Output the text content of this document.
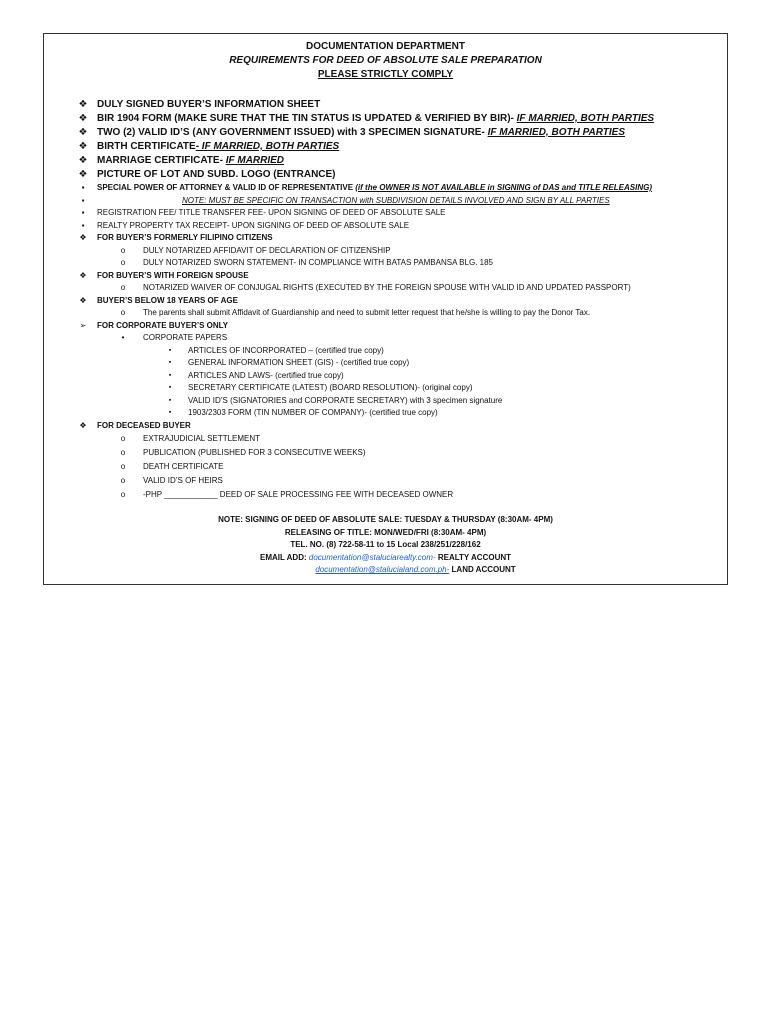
DOCUMENTATION DEPARTMENT
REQUIREMENTS FOR DEED OF ABSOLUTE SALE PREPARATION
PLEASE STRICTLY COMPLY
❖ DULY SIGNED BUYER’S INFORMATION SHEET
❖ BIR 1904 FORM (MAKE SURE THAT THE TIN STATUS IS UPDATED & VERIFIED BY BIR)- IF MARRIED, BOTH PARTIES
❖ TWO (2) VALID ID’S (ANY GOVERNMENT ISSUED) with 3 SPECIMEN SIGNATURE- IF MARRIED, BOTH PARTIES
❖ BIRTH CERTIFICATE- IF MARRIED, BOTH PARTIES
❖ MARRIAGE CERTIFICATE- IF MARRIED
❖ PICTURE OF LOT AND SUBD. LOGO (ENTRANCE)
▪	SPECIAL POWER OF ATTORNEY & VALID ID OF REPRESENTATIVE (if the OWNER IS NOT AVAILABLE in SIGNING of DAS and TITLE RELEASING)
▪	NOTE: MUST BE SPECIFIC ON TRANSACTION with SUBDIVISION DETAILS INVOLVED AND SIGN BY ALL PARTIES
▪	REGISTRATION FEE/ TITLE TRANSFER FEE- UPON SIGNING OF DEED OF ABSOLUTE SALE
▪	REALTY PROPERTY TAX RECEIPT- UPON SIGNING OF DEED OF ABSOLUTE SALE
❖	FOR BUYER’S FORMERLY FILIPINO CITIZENS
o	DULY NOTARIZED AFFIDAVIT OF DECLARATION OF CITIZENSHIP
o	DULY NOTARIZED SWORN STATEMENT- IN COMPLIANCE WITH BATAS PAMBANSA BLG. 185
❖	FOR BUYER’S WITH FOREIGN SPOUSE
o	NOTARIZED WAIVER OF CONJUGAL RIGHTS (EXECUTED BY THE FOREIGN SPOUSE WITH VALID ID AND UPDATED PASSPORT)
❖	BUYER’S BELOW 18 YEARS OF AGE
o	The parents shall submit Affidavit of Guardianship and need to submit letter request that he/she is willing to pay the Donor Tax.
➢	FOR CORPORATE BUYER’S ONLY
•	CORPORATE PAPERS
▪	ARTICLES OF INCORPORATED – (certified true copy)
▪	GENERAL INFORMATION SHEET (GIS) - (certified true copy)
▪	ARTICLES AND LAWS- (certified true copy)
▪	SECRETARY CERTIFICATE (LATEST) (BOARD RESOLUTION)- (original copy)
▪	VALID ID’S (SIGNATORIES and CORPORATE SECRETARY) with 3 specimen signature
▪	1903/2303 FORM (TIN NUMBER OF COMPANY)- (certified true copy)
❖	FOR DECEASED BUYER
o	EXTRAJUDICIAL SETTLEMENT
o	PUBLICATION (PUBLISHED FOR 3 CONSECUTIVE WEEKS)
o	DEATH CERTIFICATE
o	VALID ID’S OF HEIRS
o	-PHP ____________ DEED OF SALE PROCESSING FEE WITH DECEASED OWNER
NOTE: SIGNING OF DEED OF ABSOLUTE SALE: TUESDAY & THURSDAY (8:30AM- 4PM)
RELEASING OF TITLE: MON/WED/FRI (8:30AM- 4PM)
TEL. NO. (8) 722-58-11 to 15 Local 238/251/228/162
EMAIL ADD: documentation@staluciarealty.com- REALTY ACCOUNT
documentation@stalucialand.com.ph- LAND ACCOUNT
